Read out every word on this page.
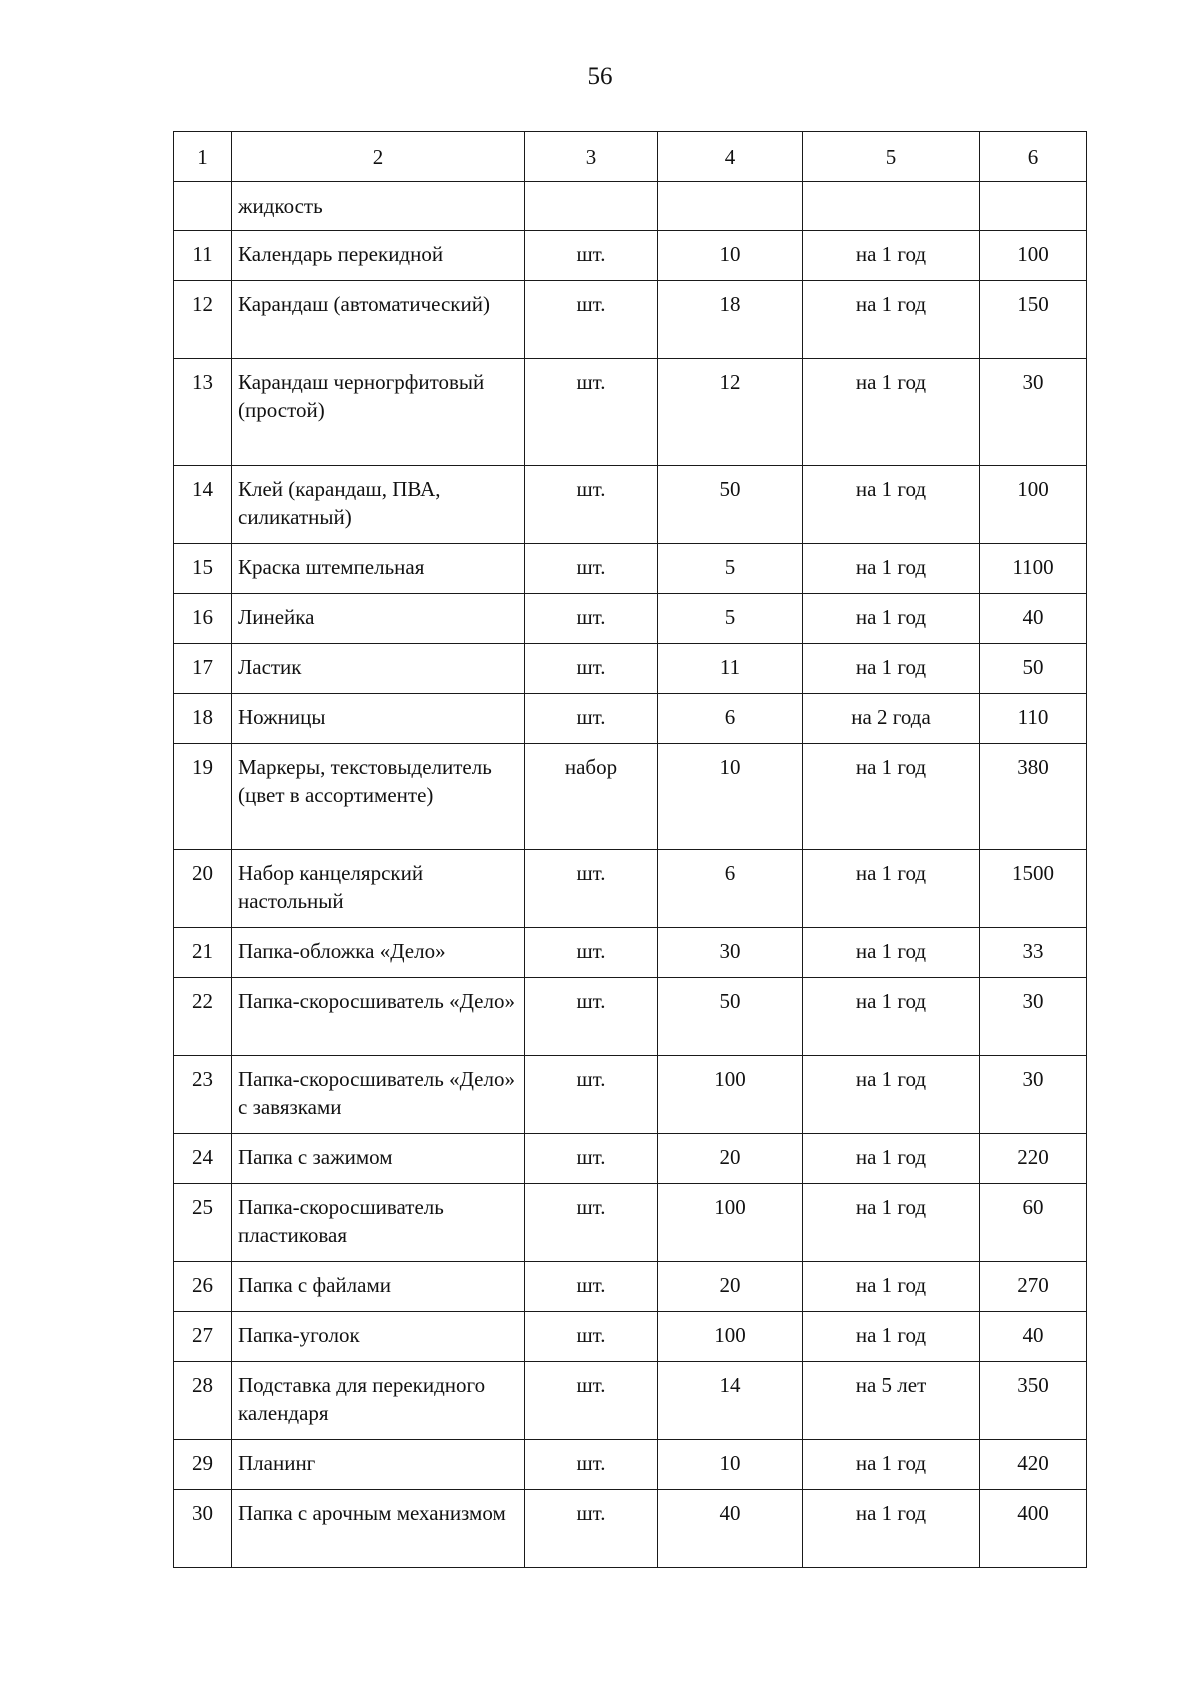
56
1	2	3	4	5	6
	жидкость				
11	Календарь перекидной	шт.	10	на 1 год	100
12	Карандаш (автоматический)	шт.	18	на 1 год	150
13	Карандаш черногрфитовый (простой)	шт.	12	на 1 год	30
14	Клей (карандаш, ПВА, силикатный)	шт.	50	на 1 год	100
15	Краска штемпельная	шт.	5	на 1 год	1100
16	Линейка	шт.	5	на 1 год	40
17	Ластик	шт.	11	на 1 год	50
18	Ножницы	шт.	6	на 2 года	110
19	Маркеры, текстовыделитель (цвет в ассортименте)	набор	10	на 1 год	380
20	Набор канцелярский настольный	шт.	6	на 1 год	1500
21	Папка-обложка «Дело»	шт.	30	на 1 год	33
22	Папка-скоросшиватель «Дело»	шт.	50	на 1 год	30
23	Папка-скоросшиватель «Дело» с завязками	шт.	100	на 1 год	30
24	Папка с зажимом	шт.	20	на 1 год	220
25	Папка-скоросшиватель пластиковая	шт.	100	на 1 год	60
26	Папка с файлами	шт.	20	на 1 год	270
27	Папка-уголок	шт.	100	на 1 год	40
28	Подставка для перекидного календаря	шт.	14	на 5 лет	350
29	Планинг	шт.	10	на 1 год	420
30	Папка с арочным механизмом	шт.	40	на 1 год	400
